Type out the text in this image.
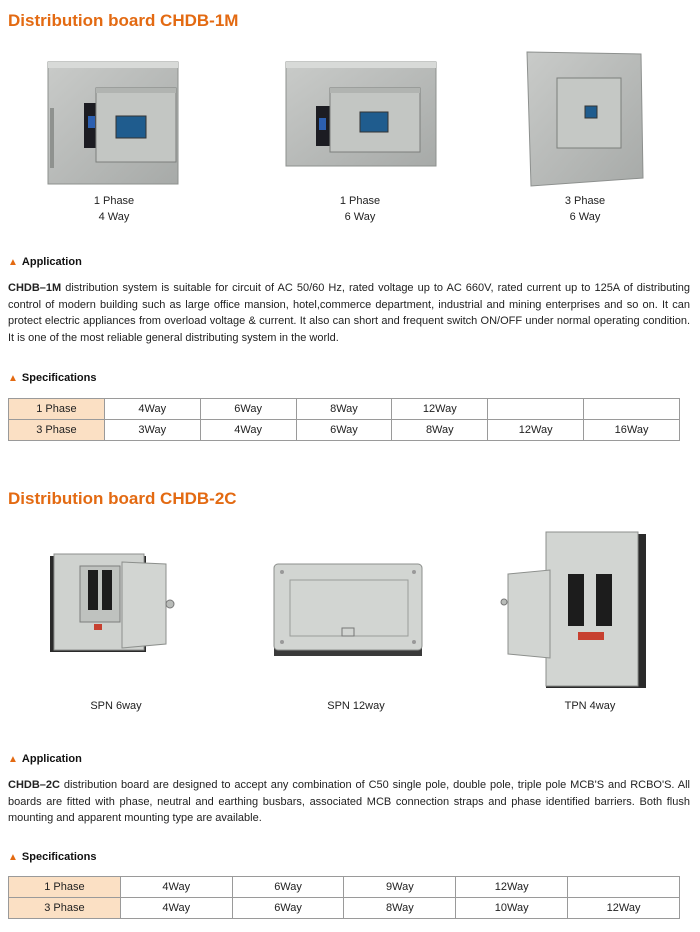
Distribution board CHDB-1M
1 Phase
4 Way
1 Phase
6 Way
3 Phase
6 Way
▲ Application

CHDB–1M distribution system is suitable for circuit of AC 50/60 Hz, rated voltage up to AC 660V, rated current up to 125A of distributing control of modern building such as large office mansion, hotel,commerce department, industrial and mining enterprises and so on. It can protect electric appliances from overload voltage & current. It also can short and frequent switch ON/OFF under normal operating condition. It is one of the most reliable general distributing system in the world.

▲ Specifications
1 Phase	4Way	6Way	8Way	12Way		
3 Phase	3Way	4Way	6Way	8Way	12Way	16Way
Distribution board CHDB-2C
SPN 6way	SPN 12way	TPN 4way
▲ Application

CHDB–2C distribution board are designed to accept any combination of C50 single pole, double pole, triple pole MCB'S and RCBO'S. All boards are fitted with phase, neutral and earthing busbars, associated MCB connection straps and phase identified barriers. Both flush mounting and apparent mounting type are available.

▲ Specifications
1 Phase	4Way	6Way	9Way	12Way	
3 Phase	4Way	6Way	8Way	10Way	12Way
